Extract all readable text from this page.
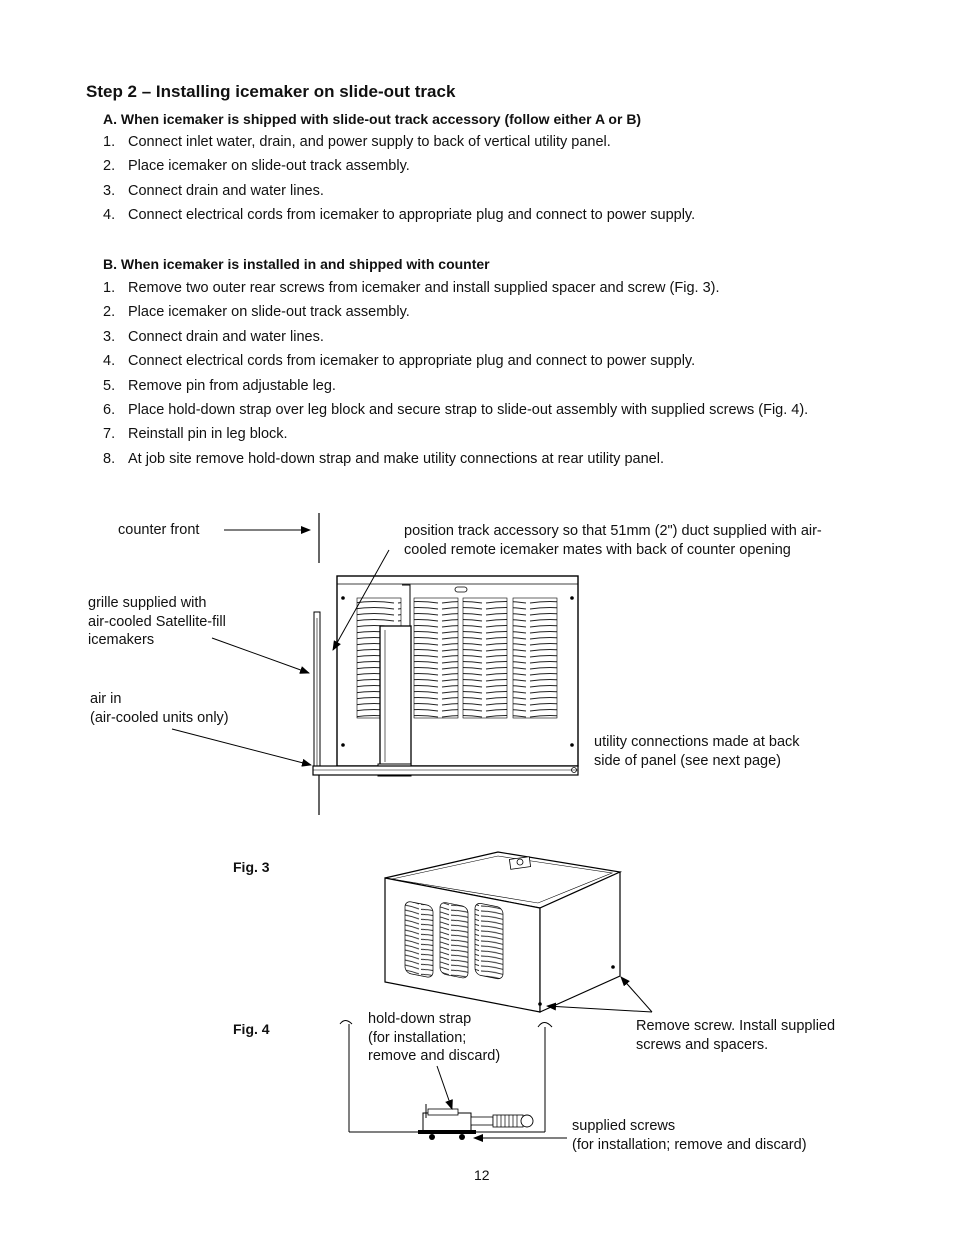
Step 2 – Installing icemaker on slide-out track

A. When icemaker is shipped with slide-out track accessory (follow either A or B)

1. Connect inlet water, drain, and power supply to back of vertical utility panel.
2. Place icemaker on slide-out track assembly.
3. Connect drain and water lines.
4. Connect electrical cords from icemaker to appropriate plug and connect to power supply.

B. When icemaker is installed in and shipped with counter

1. Remove two outer rear screws from icemaker and install supplied spacer and screw (Fig. 3).
2. Place icemaker on slide-out track assembly.
3. Connect drain and water lines.
4. Connect electrical cords from icemaker to appropriate plug and connect to power supply.
5. Remove pin from adjustable leg.
6. Place hold-down strap over leg block and secure strap to slide-out assembly with supplied screws (Fig. 4).
7. Reinstall pin in leg block.
8. At job site remove hold-down strap and make utility connections at rear utility panel.
counter front	position track accessory so that 51mm (2") duct supplied with air-
cooled remote icemaker mates with back of counter opening
grille supplied with
air-cooled Satellite-fill
icemakers
air in
(air-cooled units only)
utility connections made at back
side of panel (see next page)
Fig. 3
Fig. 4
hold-down strap
(for installation;
remove and discard)
Remove screw. Install supplied
screws and spacers.
supplied screws
(for installation; remove and discard)
12
